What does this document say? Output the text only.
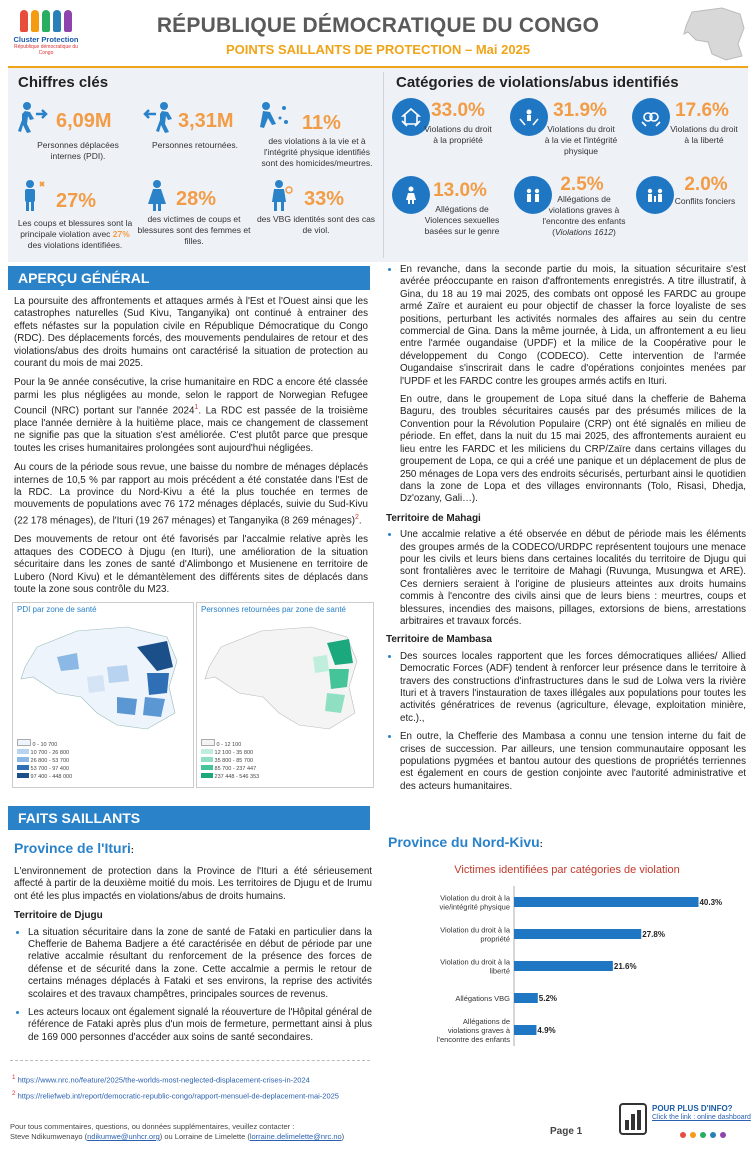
Cluster Protection
République démocratique du Congo
RÉPUBLIQUE DÉMOCRATIQUE DU CONGO
POINTS SAILLANTS DE PROTECTION – Mai 2025
Chiffres clés	Catégories de violations/abus identifiés
6,09M
Personnes déplacées internes (PDI).
3,31M
Personnes retournées.
11%
des violations à la vie et à l'intégrité physique identifiés sont des homicides/meurtres.
27%
Les coups et blessures sont la principale violation avec 27% des violations identifiées.
28%
des victimes de coups et blessures sont des femmes et filles.
33%
des VBG identités sont des cas de viol.
33.0%
Violations du droit à la propriété
31.9%
Violations du droit à la vie et l'intégrité physique
17.6%
Violations du droit à la liberté
13.0%
Allégations de Violences sexuelles basées sur le genre
2.5%
Allégations de violations graves à l'encontre des enfants (Violations 1612)
2.0%
Conflits fonciers
APERÇU GÉNÉRAL

La poursuite des affrontements et attaques armés à l'Est et l'Ouest ainsi que les catastrophes naturelles (Sud Kivu, Tanganyika) ont continué à entrainer des effets néfastes sur la population civile en République Démocratique du Congo (RDC). Des déplacements forcés, des mouvements pendulaires de retour et des violations/abus des droits humains ont caractérisé la situation de protection au courant du mois de mai 2025.

Pour la 9e année consécutive, la crise humanitaire en RDC a encore été classée parmi les plus négligées au monde, selon le rapport de Norwegian Refugee Council (NRC) portant sur l'année 2024$^1$. La RDC est passée de la troisième place l'année dernière à la huitième place, mais ce changement de classement ne signifie pas que la situation s'est améliorée. C'est plutôt parce que presque toutes les crises humanitaires prolongées sont aujourd'hui négligées.

Au cours de la période sous revue, une baisse du nombre de ménages déplacés internes de 10,5 % par rapport au mois précédent a été constatée dans l'Est de la RDC. La province du Nord-Kivu a été la plus touchée en termes de mouvements de populations avec 76 172 ménages déplacés, suivie du Sud-Kivu (22 178 ménages), de l'Ituri (19 267 ménages) et Tanganyika (8 269 ménages)$^2$.

Des mouvements de retour ont été favorisés par l'accalmie relative après les attaques des CODECO à Djugu (en Ituri), une amélioration de la situation sécuritaire dans les zones de santé d'Alimbongo et Musienene en territoire de Lubero (Nord Kivu) et le démantèlement des différents sites de déplacés dans toute la zone sous contrôle du M23.

PDI par zone de santé
0 - 10 700
10 700 - 26 800
26 800 - 53 700
53 700 - 97 400
97 400 - 448 000
Personnes retournées par zone de santé
0 - 12 100
12 100 - 35 800
35 800 - 85 700
85 700 - 237 447
237 448 - 546 353
FAITS SAILLANTS
Province de l'Ituri:

L'environnement de protection dans la Province de l'Ituri a été sérieusement affecté à partir de la deuxième moitié du mois. Les territoires de Djugu et de Irumu ont été les plus impactés en violations/abus de droits humains.

Territoire de Djugu
• La situation sécuritaire dans la zone de santé de Fataki en particulier dans la Chefferie de Bahema Badjere a été caractérisée en début de période par une relative accalmie résultant du renforcement de la présence des forces de défense et de sécurité dans la zone. Cette accalmie a permis le retour de certains ménages déplacés à Fataki et ses environs, la reprise des activités scolaires et des travaux champêtres, principales sources de revenus.
• Les acteurs locaux ont également signalé la réouverture de l'Hôpital général de référence de Fataki après plus d'un mois de fermeture, permettant ainsi à plus de 169 000 personnes d'accéder aux soins de santé secondaires.
• En revanche, dans la seconde partie du mois, la situation sécuritaire s'est avérée préoccupante en raison d'affrontements enregistrés. A titre illustratif, à Gina, du 18 au 19 mai 2025, des combats ont opposé les FARDC au groupe armé Zaïre et auraient eu pour objectif de chasser la force loyaliste de ses positions, perturbant les activités normales des affaires au sein du centre commercial de Gina. Dans la même journée, à Lida, un affrontement a eu lieu entre l'armée ougandaise (UPDF) et la milice de la Coopérative pour le développement du Congo (CODECO). Cette intervention de l'armée Ougandaise s'inscrirait dans le cadre d'opérations conjointes menées par l'UPDF et les FARDC contre les groupes armés actifs en Ituri.

En outre, dans le groupement de Lopa situé dans la chefferie de Bahema Baguru, des troubles sécuritaires causés par des présumés milices de la Convention pour la Révolution Populaire (CRP) ont été signalés en milieu de période. En effet, dans la nuit du 15 mai 2025, des affrontements auraient eu lieu entre les FARDC et les miliciens du CRP/Zaïre dans certains villages du groupement de Lopa, ce qui a créé une panique et un déplacement de plus de 250 ménages de Lopa vers des endroits sécurisés, perturbant ainsi le quotidien dans la zone de Lopa et des villages environnants (Tolo, Risasi, Dhedja, Dz'ozany, Gali…).

Territoire de Mahagi
• Une accalmie relative a été observée en début de période mais les éléments des groupes armés de la CODECO/URDPC représentent toujours une menace pour les civils et leurs biens dans certaines localités du territoire de Djugu qui sont frontalières avec le territoire de Mahagi (Ruvunga, Musungwa et ARE). Ces derniers seraient à l'origine de plusieurs atteintes aux droits humains commis à l'encontre des civils ainsi que de leurs biens : meurtres, coups et blessures, incendies des maisons, pillages, extorsions de biens, arrestations arbitraires et travaux forcés.
Territoire de Mambasa
• Des sources locales rapportent que les forces démocratiques alliées/ Allied Democratic Forces (ADF) tendent à renforcer leur présence dans le territoire à travers des constructions d'infrastructures dans le sud de Lolwa vers la rivière Ituri et à travers l'instauration de taxes illégales aux populations pour toutes les activités génératrices de revenus (agriculture, élevage, exploitation minière, etc.).,
• En outre, la Chefferie des Mambasa a connu une tension interne du fait de crises de succession. Par ailleurs, une tension communautaire opposant les populations pygmées et bantou autour des questions de propriétés terriennes est également en cours de gestion conjointe avec l'autorité administrative et des acteurs humanitaires.
Province du Nord-Kivu:
Victimes identifiées par catégories de violation
40.3%
Violation du droit à la vie/intégrité physique
27.8%
Violation du droit à la propriété
21.6%
Violation du droit à la liberté
5.2%
Allégations VBG
4.9%
Allégations de violations graves à l'encontre des enfants
$^1$ https://www.nrc.no/feature/2025/the-worlds-most-neglected-displacement-crises-in-2024
$^2$ https://reliefweb.int/report/democratic-republic-congo/rapport-mensuel-de-deplacement-mai-2025
Pour tous commentaires, questions, ou données supplémentaires, veuillez contacter :
Steve Ndikumwenayo (ndikumwe@unhcr.org) ou Lorraine de Limelette (lorraine.delimelette@nrc.no)	Page 1
POUR PLUS D'INFO?
Click the link : online dashboard
